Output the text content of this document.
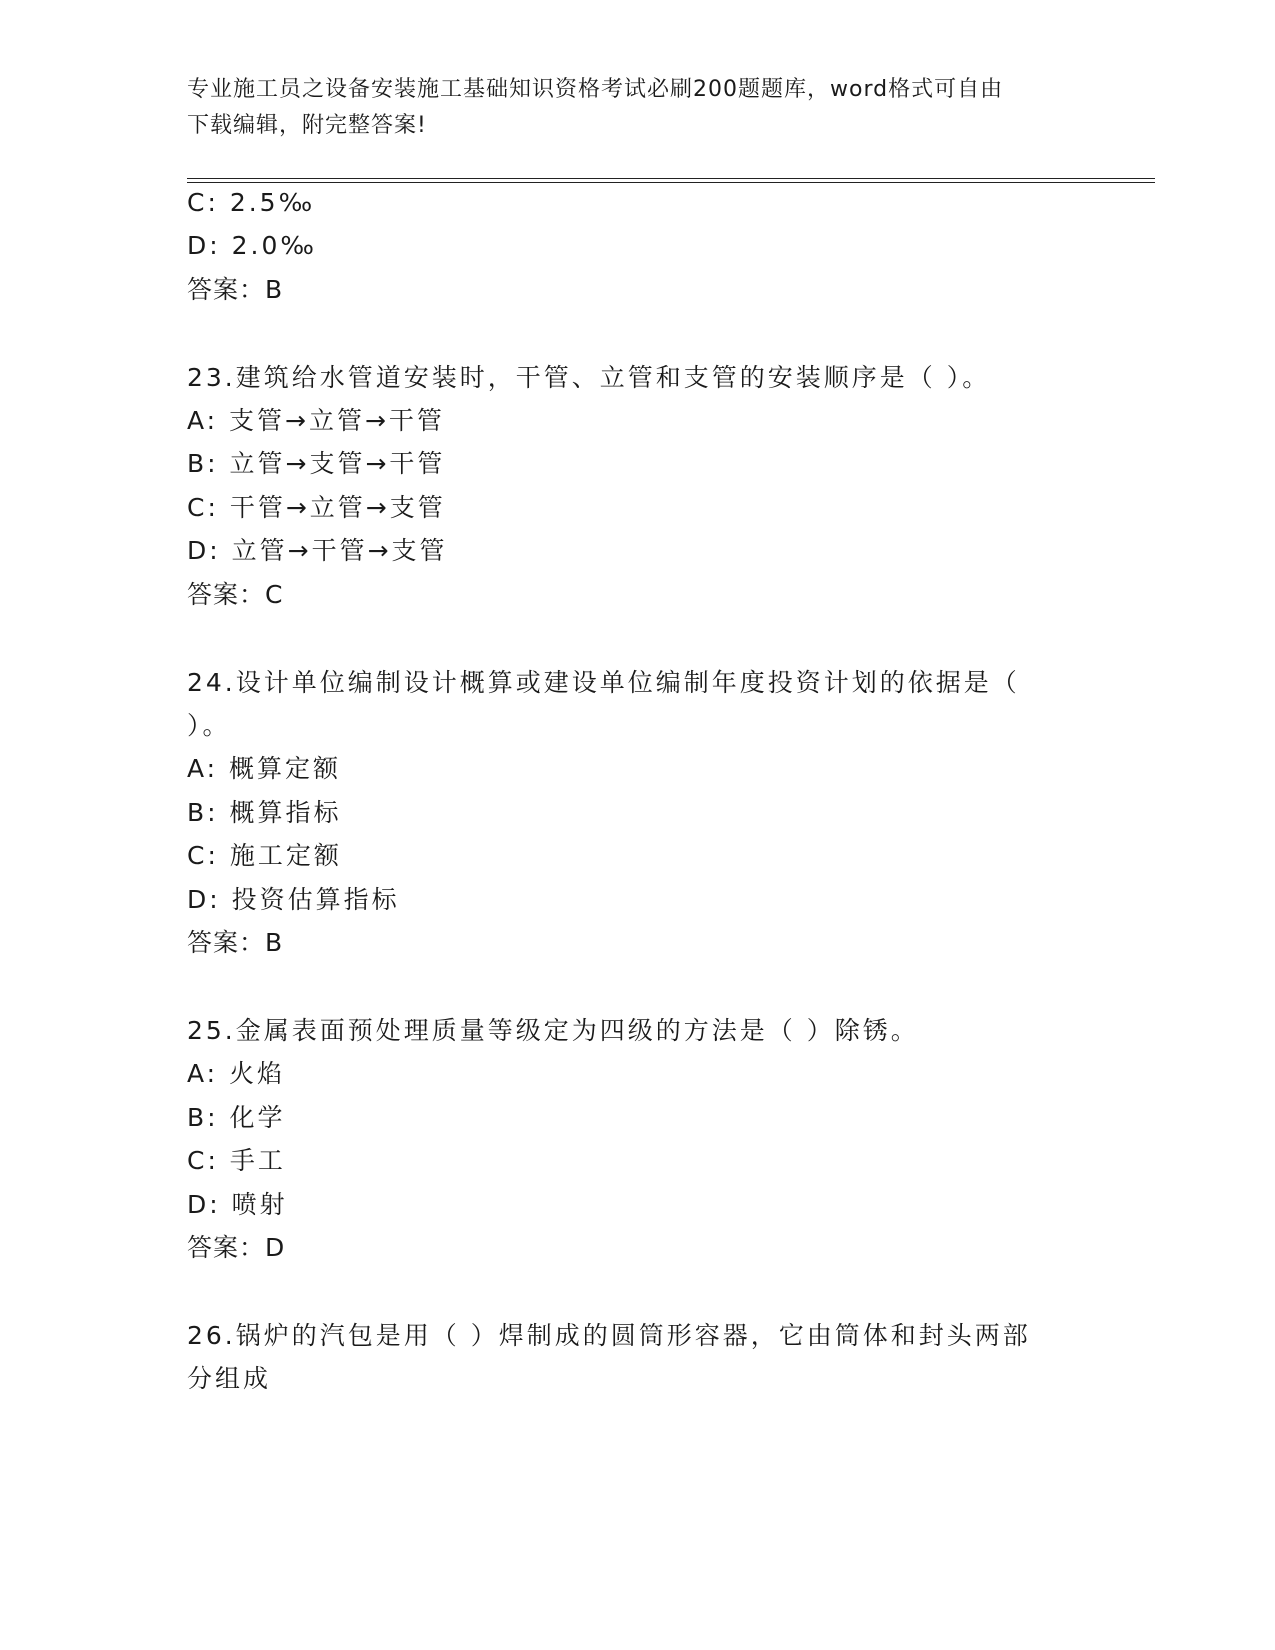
专业施工员之设备安装施工基础知识资格考试必刷200题题库，word格式可自由
下载编辑，附完整答案!
C: 2.5‰
D: 2.0‰
答案：B
23.建筑给水管道安装时，干管、立管和支管的安装顺序是（ ）。
A: 支管→立管→干管
B: 立管→支管→干管
C: 干管→立管→支管
D: 立管→干管→支管
答案：C
24.设计单位编制设计概算或建设单位编制年度投资计划的依据是（
）。
A: 概算定额
B: 概算指标
C: 施工定额
D: 投资估算指标
答案：B
25.金属表面预处理质量等级定为四级的方法是（ ）除锈。
A: 火焰
B: 化学
C: 手工
D: 喷射
答案：D
26.锅炉的汽包是用（ ）焊制成的圆筒形容器，它由筒体和封头两部
分组成
